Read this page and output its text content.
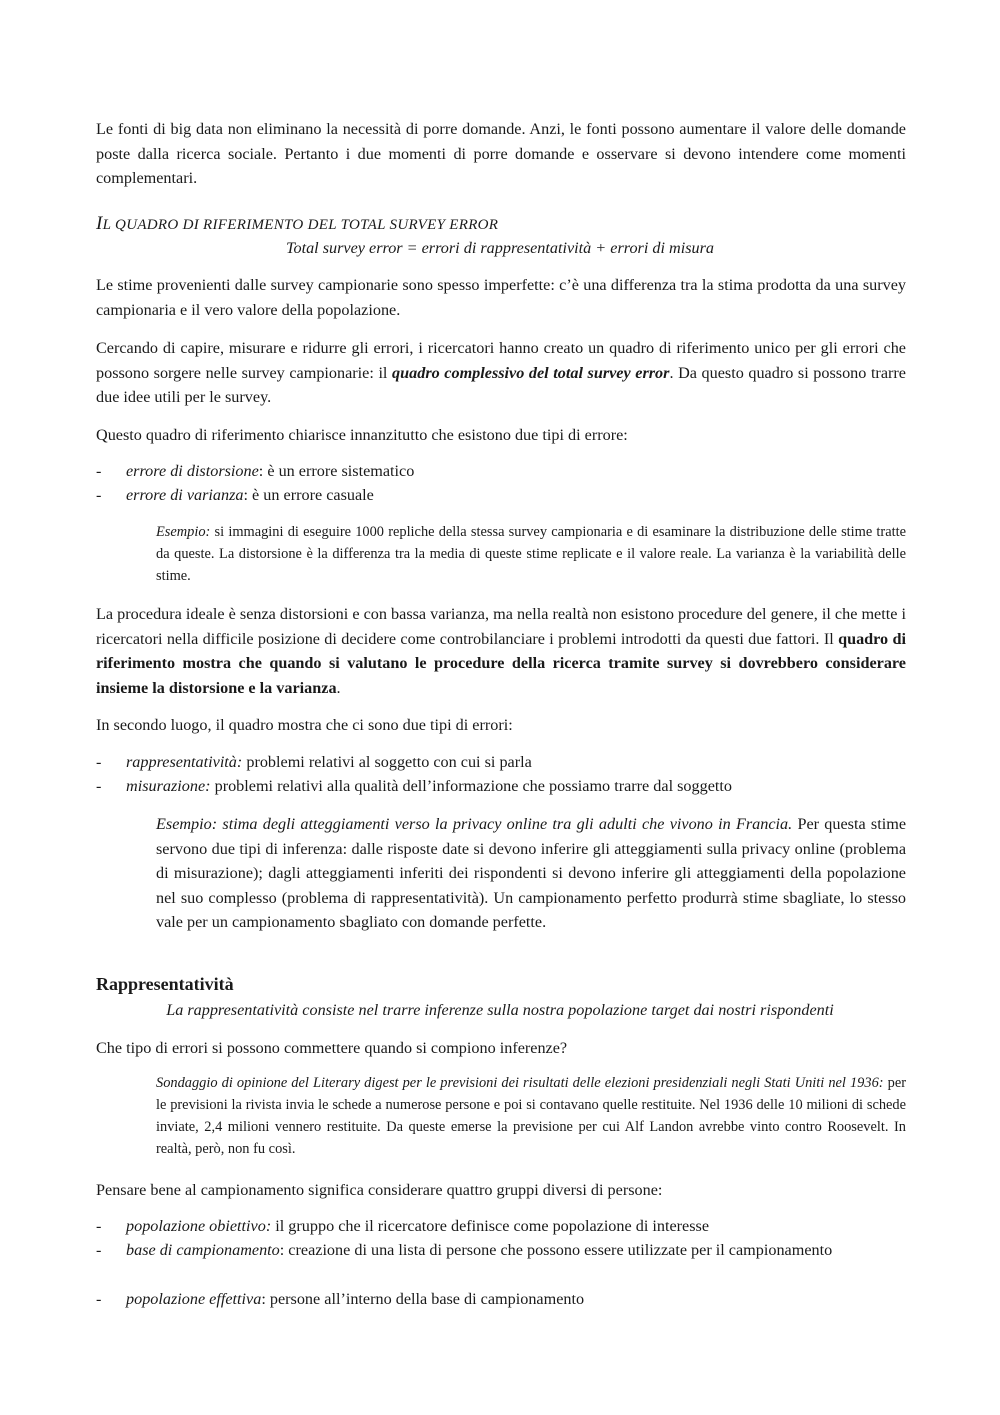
Le fonti di big data non eliminano la necessità di porre domande. Anzi, le fonti possono aumentare il valore delle domande poste dalla ricerca sociale. Pertanto i due momenti di porre domande e osservare si devono intendere come momenti complementari.

IL QUADRO DI RIFERIMENTO DEL TOTAL SURVEY ERROR
Total survey error = errori di rappresentatività + errori di misura

Le stime provenienti dalle survey campionarie sono spesso imperfette: c’è una differenza tra la stima prodotta da una survey campionaria e il vero valore della popolazione.

Cercando di capire, misurare e ridurre gli errori, i ricercatori hanno creato un quadro di riferimento unico per gli errori che possono sorgere nelle survey campionarie: il quadro complessivo del total survey error. Da questo quadro si possono trarre due idee utili per le survey.

Questo quadro di riferimento chiarisce innanzitutto che esistono due tipi di errore:

- errore di distorsione: è un errore sistematico
- errore di varianza: è un errore casuale

Esempio: si immagini di eseguire 1000 repliche della stessa survey campionaria e di esaminare la distribuzione delle stime tratte da queste. La distorsione è la differenza tra la media di queste stime replicate e il valore reale. La varianza è la variabilità delle stime.

La procedura ideale è senza distorsioni e con bassa varianza, ma nella realtà non esistono procedure del genere, il che mette i ricercatori nella difficile posizione di decidere come controbilanciare i problemi introdotti da questi due fattori. Il quadro di riferimento mostra che quando si valutano le procedure della ricerca tramite survey si dovrebbero considerare insieme la distorsione e la varianza.

In secondo luogo, il quadro mostra che ci sono due tipi di errori:

- rappresentatività: problemi relativi al soggetto con cui si parla
- misurazione: problemi relativi alla qualità dell’informazione che possiamo trarre dal soggetto

Esempio: stima degli atteggiamenti verso la privacy online tra gli adulti che vivono in Francia. Per questa stime servono due tipi di inferenza: dalle risposte date si devono inferire gli atteggiamenti sulla privacy online (problema di misurazione); dagli atteggiamenti inferiti dei rispondenti si devono inferire gli atteggiamenti della popolazione nel suo complesso (problema di rappresentatività). Un campionamento perfetto produrrà stime sbagliate, lo stesso vale per un campionamento sbagliato con domande perfette.

Rappresentatività
La rappresentatività consiste nel trarre inferenze sulla nostra popolazione target dai nostri rispondenti

Che tipo di errori si possono commettere quando si compiono inferenze?

Sondaggio di opinione del Literary digest per le previsioni dei risultati delle elezioni presidenziali negli Stati Uniti nel 1936: per le previsioni la rivista invia le schede a numerose persone e poi si contavano quelle restituite. Nel 1936 delle 10 milioni di schede inviate, 2,4 milioni vennero restituite. Da queste emerse la previsione per cui Alf Landon avrebbe vinto contro Roosevelt. In realtà, però, non fu così.

Pensare bene al campionamento significa considerare quattro gruppi diversi di persone:

- popolazione obiettivo: il gruppo che il ricercatore definisce come popolazione di interesse
- base di campionamento: creazione di una lista di persone che possono essere utilizzate per il campionamento
- popolazione effettiva: persone all’interno della base di campionamento
